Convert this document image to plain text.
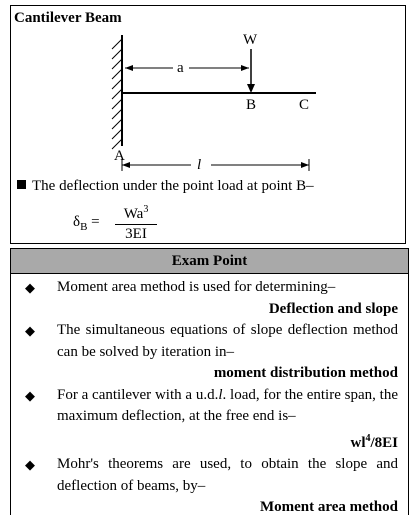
Cantilever Beam
W
a
B	C
A
l
The deflection under the point load at point B–
$\delta_B = \frac{Wa^3}{3EI}$
Exam Point
◆ Moment area method is used for determining–
Deflection and slope
◆ The simultaneous equations of slope deflection method can be solved by iteration in–
moment distribution method
◆ For a cantilever with a u.d.l. load, for the entire span, the maximum deflection, at the free end is–
$wl^4/8EI$
◆ Mohr's theorems are used, to obtain the slope and deflection of beams, by–
Moment area method
